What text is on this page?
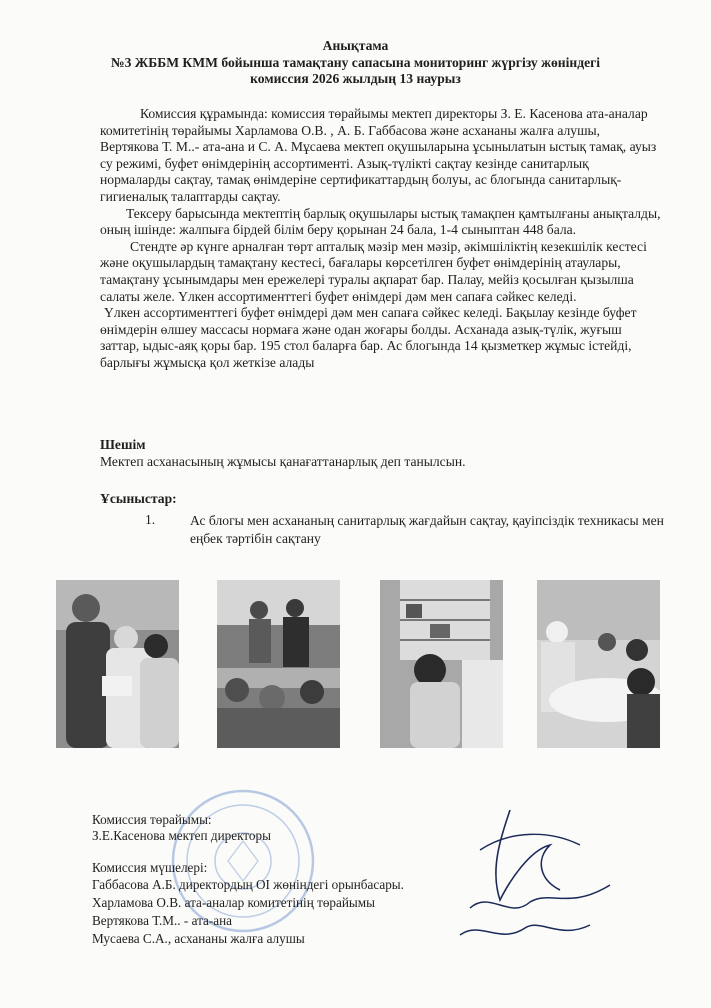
Анықтама
№3 ЖББМ КММ бойынша тамақтану сапасына мониторинг жүргізу жөніндегі
комиссия 2026 жылдың 13 наурыз

Комиссия құрамында: комиссия төрайымы мектеп директоры З. Е. Касенова ата-аналар комитетінің төрайымы Харламова О.В. , А. Б. Габбасова және асхананы жалға алушы, Вертякова Т. М..- ата-ана и С. А. Мұсаева мектеп оқушыларына ұсынылатын ыстық тамақ, ауыз су режимі, буфет өнімдерінің ассортименті. Азық-түлікті сақтау кезінде санитарлық нормаларды сақтау, тамақ өнімдеріне сертификаттардың болуы, ас блогында санитарлық-гигиеналық талаптарды сақтау.

Тексеру барысында мектептің барлық оқушылары ыстық тамақпен қамтылғаны анықталды, оның ішінде: жалпыға бірдей білім беру қорынан 24 бала, 1-4 сыныптан 448 бала.

Стендте әр күнге арналған төрт апталық мәзір мен мәзір, әкімшіліктің кезекшілік кестесі және оқушылардың тамақтану кестесі, бағалары көрсетілген буфет өнімдерінің атаулары, тамақтану ұсынымдары мен ережелері туралы ақпарат бар. Палау, мейіз қосылған қызылша салаты желе. Үлкен ассортименттегі буфет өнімдері дәм мен сапаға сәйкес келеді.

Үлкен ассортименттегі буфет өнімдері дәм мен сапаға сәйкес келеді. Бақылау кезінде буфет өнімдерін өлшеу массасы нормаға және одан жоғары болды. Асханада азық-түлік, жуғыш заттар, ыдыс-аяқ қоры бар. 195 стол баларға бар. Ас блогында 14 қызметкер жұмыс істейді, барлығы жұмысқа қол жеткізе алады

Шешім
Мектеп асханасының жұмысы қанағаттанарлық деп танылсын.
Ұсыныстар:
1.	Ас блогы мен асхананың санитарлық жағдайын сақтау, қауіпсіздік техникасы мен еңбек тәртібін сақтану
Комиссия төрайымы:
З.Е.Касенова мектеп директоры
Комиссия мүшелері:
Габбасова А.Б. директордың ОІ жөніндегі орынбасары.
Харламова О.В. ата-аналар комитетінің төрайымы
Вертякова Т.М.. - ата-ана
Мусаева С.А., асхананы жалға алушы
